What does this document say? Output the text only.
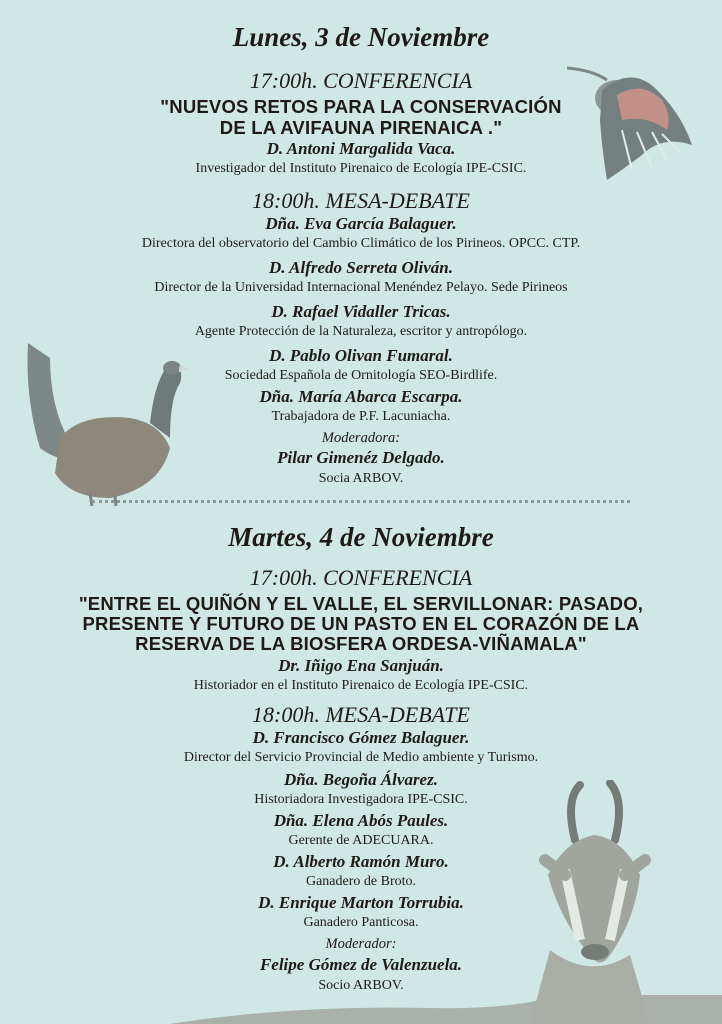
Lunes, 3 de Noviembre
17:00h. CONFERENCIA
"NUEVOS RETOS PARA LA CONSERVACIÓN
DE LA AVIFAUNA PIRENAICA ."
D. Antoni Margalida Vaca.
Investigador del Instituto Pirenaico de Ecología IPE-CSIC.
18:00h. MESA-DEBATE
Dña. Eva García Balaguer.
Directora del observatorio del Cambio Climático de los Pirineos. OPCC. CTP.
D. Alfredo Serreta Oliván.
Director de la Universidad Internacional Menéndez Pelayo. Sede Pirineos
D. Rafael Vidaller Tricas.
Agente Protección de la Naturaleza, escritor y antropólogo.
D. Pablo Olivan Fumaral.
Sociedad Española de Ornitología SEO-Birdlife.
Dña. María Abarca Escarpa.
Trabajadora de P.F. Lacuniacha.
Moderadora:
Pilar Gimenéz Delgado.
Socia ARBOV.
Martes, 4 de Noviembre
17:00h. CONFERENCIA
"ENTRE EL QUIÑÓN Y EL VALLE, EL SERVILLONAR: PASADO,
PRESENTE Y FUTURO DE UN PASTO EN EL CORAZÓN DE LA
RESERVA DE LA BIOSFERA ORDESA-VIÑAMALA"
Dr. Iñigo Ena Sanjuán.
Historiador en el Instituto Pirenaico de Ecología IPE-CSIC.
18:00h. MESA-DEBATE
D. Francisco Gómez Balaguer.
Director del Servicio Provincial de Medio ambiente y Turismo.
Dña. Begoña Álvarez.
Historiadora Investigadora IPE-CSIC.
Dña. Elena Abós Paules.
Gerente de ADECUARA.
D. Alberto Ramón Muro.
Ganadero de Broto.
D. Enrique Marton Torrubia.
Ganadero Panticosa.
Moderador:
Felipe Gómez de Valenzuela.
Socio ARBOV.
